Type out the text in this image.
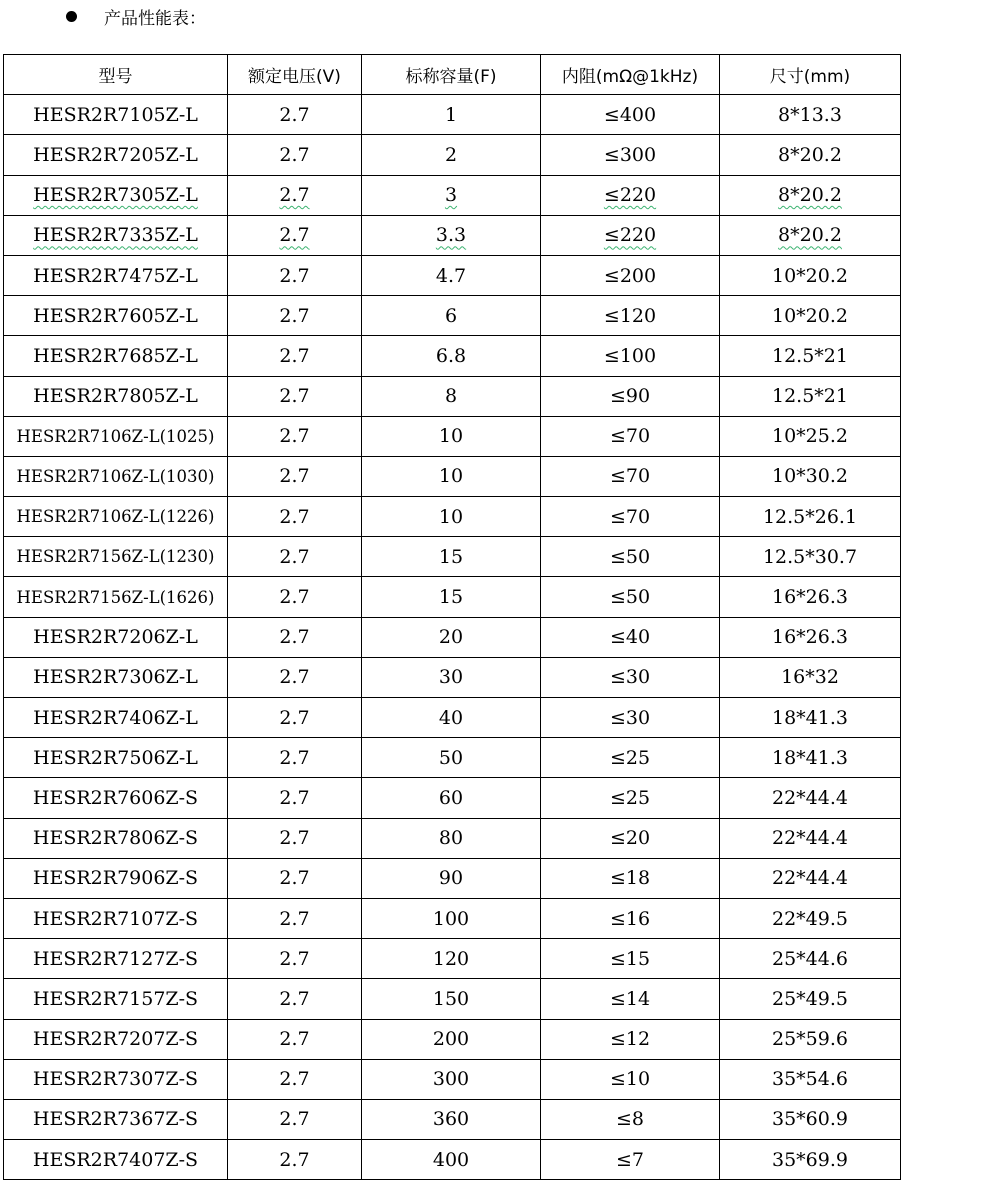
产品性能表：
型号	额定电压(V)	标称容量(F)	内阻(mΩ@1kHz)	尺寸(mm)
HESR2R7105Z-L	2.7	1	≤400	8*13.3
HESR2R7205Z-L	2.7	2	≤300	8*20.2
HESR2R7305Z-L	2.7	3	≤220	8*20.2
HESR2R7335Z-L	2.7	3.3	≤220	8*20.2
HESR2R7475Z-L	2.7	4.7	≤200	10*20.2
HESR2R7605Z-L	2.7	6	≤120	10*20.2
HESR2R7685Z-L	2.7	6.8	≤100	12.5*21
HESR2R7805Z-L	2.7	8	≤90	12.5*21
HESR2R7106Z-L(1025)	2.7	10	≤70	10*25.2
HESR2R7106Z-L(1030)	2.7	10	≤70	10*30.2
HESR2R7106Z-L(1226)	2.7	10	≤70	12.5*26.1
HESR2R7156Z-L(1230)	2.7	15	≤50	12.5*30.7
HESR2R7156Z-L(1626)	2.7	15	≤50	16*26.3
HESR2R7206Z-L	2.7	20	≤40	16*26.3
HESR2R7306Z-L	2.7	30	≤30	16*32
HESR2R7406Z-L	2.7	40	≤30	18*41.3
HESR2R7506Z-L	2.7	50	≤25	18*41.3
HESR2R7606Z-S	2.7	60	≤25	22*44.4
HESR2R7806Z-S	2.7	80	≤20	22*44.4
HESR2R7906Z-S	2.7	90	≤18	22*44.4
HESR2R7107Z-S	2.7	100	≤16	22*49.5
HESR2R7127Z-S	2.7	120	≤15	25*44.6
HESR2R7157Z-S	2.7	150	≤14	25*49.5
HESR2R7207Z-S	2.7	200	≤12	25*59.6
HESR2R7307Z-S	2.7	300	≤10	35*54.6
HESR2R7367Z-S	2.7	360	≤8	35*60.9
HESR2R7407Z-S	2.7	400	≤7	35*69.9
